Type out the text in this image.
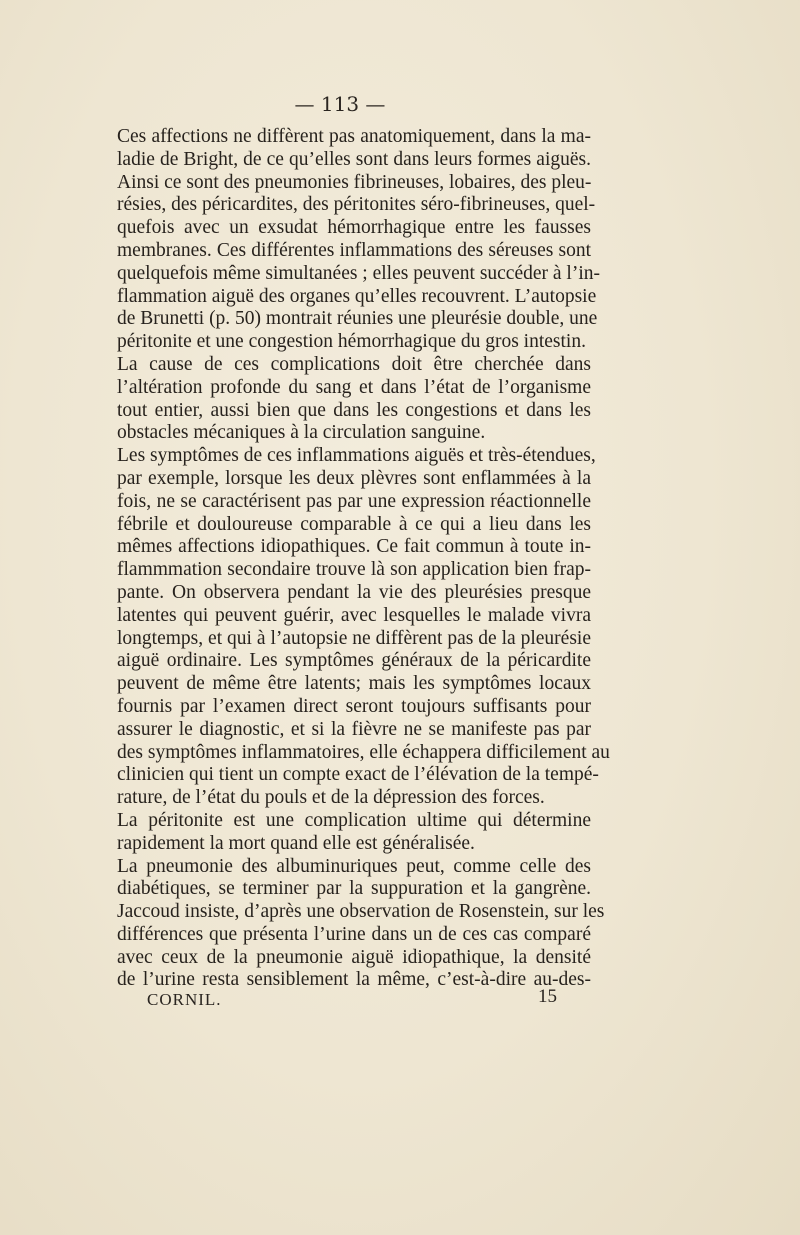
— 113 —
Ces affections ne diffèrent pas anatomiquement, dans la ma-
ladie de Bright, de ce qu’elles sont dans leurs formes aiguës.
Ainsi ce sont des pneumonies fibrineuses, lobaires, des pleu-
résies, des péricardites, des péritonites séro-fibrineuses, quel-
quefois avec un exsudat hémorrhagique entre les fausses
membranes. Ces différentes inflammations des séreuses sont
quelquefois même simultanées ; elles peuvent succéder à l’in-
flammation aiguë des organes qu’elles recouvrent. L’autopsie
de Brunetti (p. 50) montrait réunies une pleurésie double, une
péritonite et une congestion hémorrhagique du gros intestin.
La cause de ces complications doit être cherchée dans
l’altération profonde du sang et dans l’état de l’organisme
tout entier, aussi bien que dans les congestions et dans les
obstacles mécaniques à la circulation sanguine.
Les symptômes de ces inflammations aiguës et très-étendues,
par exemple, lorsque les deux plèvres sont enflammées à la
fois, ne se caractérisent pas par une expression réactionnelle
fébrile et douloureuse comparable à ce qui a lieu dans les
mêmes affections idiopathiques. Ce fait commun à toute in-
flammmation secondaire trouve là son application bien frap-
pante. On observera pendant la vie des pleurésies presque
latentes qui peuvent guérir, avec lesquelles le malade vivra
longtemps, et qui à l’autopsie ne diffèrent pas de la pleurésie
aiguë ordinaire. Les symptômes généraux de la péricardite
peuvent de même être latents; mais les symptômes locaux
fournis par l’examen direct seront toujours suffisants pour
assurer le diagnostic, et si la fièvre ne se manifeste pas par
des symptômes inflammatoires, elle échappera difficilement au
clinicien qui tient un compte exact de l’élévation de la tempé-
rature, de l’état du pouls et de la dépression des forces.
La péritonite est une complication ultime qui détermine
rapidement la mort quand elle est généralisée.
La pneumonie des albuminuriques peut, comme celle des
diabétiques, se terminer par la suppuration et la gangrène.
Jaccoud insiste, d’après une observation de Rosenstein, sur les
différences que présenta l’urine dans un de ces cas comparé
avec ceux de la pneumonie aiguë idiopathique, la densité
de l’urine resta sensiblement la même, c’est-à-dire au-des-
CORNIL.	15
